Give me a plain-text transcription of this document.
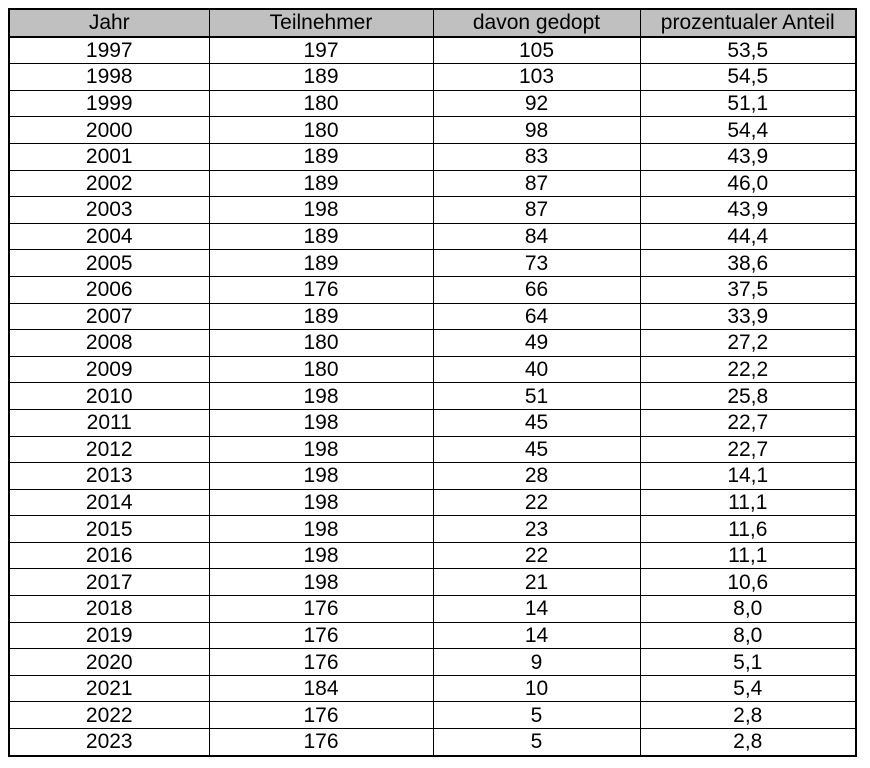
Jahr	Teilnehmer	davon gedopt	prozentualer Anteil
1997	197	105	53,5
1998	189	103	54,5
1999	180	92	51,1
2000	180	98	54,4
2001	189	83	43,9
2002	189	87	46,0
2003	198	87	43,9
2004	189	84	44,4
2005	189	73	38,6
2006	176	66	37,5
2007	189	64	33,9
2008	180	49	27,2
2009	180	40	22,2
2010	198	51	25,8
2011	198	45	22,7
2012	198	45	22,7
2013	198	28	14,1
2014	198	22	11,1
2015	198	23	11,6
2016	198	22	11,1
2017	198	21	10,6
2018	176	14	8,0
2019	176	14	8,0
2020	176	9	5,1
2021	184	10	5,4
2022	176	5	2,8
2023	176	5	2,8
